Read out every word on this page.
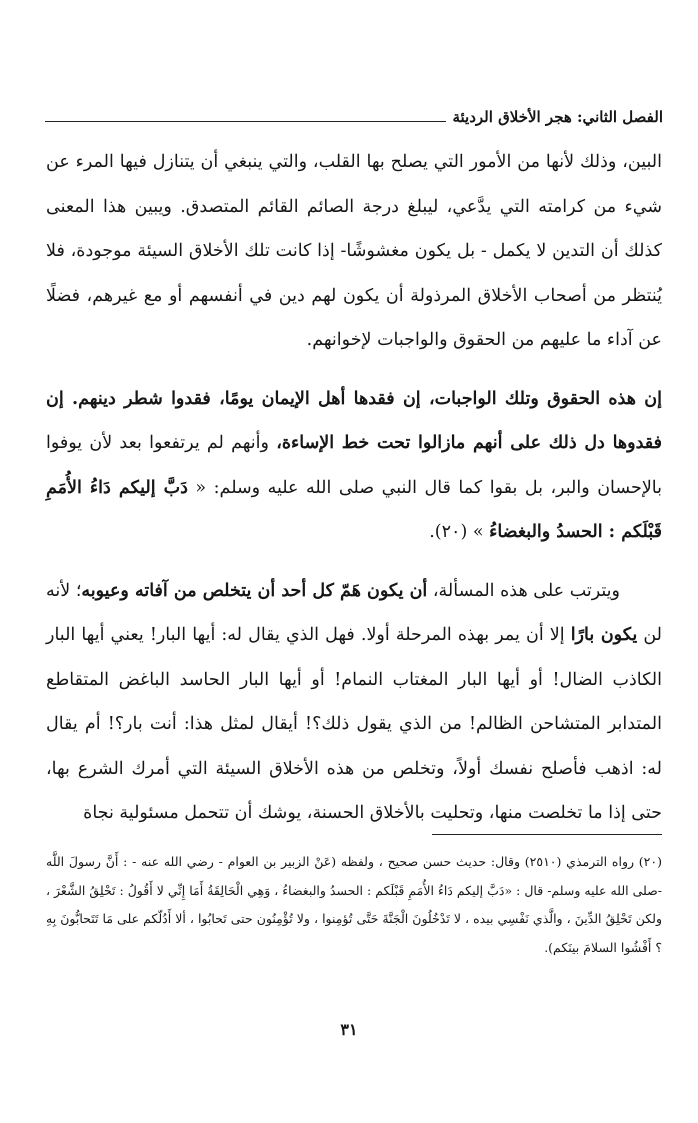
الفصل الثاني: هجر الأخلاق الرديئة

البين، وذلك لأنها من الأمور التي يصلح بها القلب، والتي ينبغي أن يتنازل فيها المرء عن شيء من كرامته التي يدَّعي، ليبلغ درجة الصائم القائم المتصدق. ويبين هذا المعنى كذلك أن التدين لا يكمل - بل يكون مغشوشًا- إذا كانت تلك الأخلاق السيئة موجودة، فلا يُنتظر من أصحاب الأخلاق المرذولة أن يكون لهم دين في أنفسهم أو مع غيرهم، فضلًا عن آداء ما عليهم من الحقوق والواجبات لإخوانهم.

إن هذه الحقوق وتلك الواجبات، إن فقدها أهل الإيمان يومًا، فقدوا شطر دينهم. إن فقدوها دل ذلك على أنهم مازالوا تحت خط الإساءة، وأنهم لم يرتفعوا بعد لأن يوفوا بالإحسان والبر، بل بقوا كما قال النبي صلى الله عليه وسلم: « دَبَّ إليكم دَاءُ الأُمَمِ قَبْلَكم : الحسدُ والبغضاءُ » (٢٠).

ويترتب على هذه المسألة، أن يكون هَمّ كل أحد أن يتخلص من آفاته وعيوبه؛ لأنه لن يكون بارًا إلا أن يمر بهذه المرحلة أولا. فهل الذي يقال له: أيها البار! يعني أيها البار الكاذب الضال! أو أيها البار المغتاب النمام! أو أيها البار الحاسد الباغض المتقاطع المتدابر المتشاحن الظالم! من الذي يقول ذلك؟! أيقال لمثل هذا: أنت بار؟! أم يقال له: اذهب فأصلح نفسك أولاً، وتخلص من هذه الأخلاق السيئة التي أمرك الشرع بها، حتى إذا ما تخلصت منها، وتحليت بالأخلاق الحسنة، يوشك أن تتحمل مسئولية نجاة

(٢٠) رواه الترمذي (٢٥١٠) وقال: حديث حسن صحيح ، ولفظه (عَنْ الزبير بن العوام - رضي الله عنه - : أَنَّ رسولَ اللَّه -صلى الله عليه وسلم- قال : «دَبَّ إليكم دَاءُ الأُمَمِ قَبْلَكم : الحسدُ والبغضاءُ ، وَهِي الْحَالِقَةُ أَمَا إِنِّي لا أَقُولُ : تَحْلِقُ الشَّعْرَ ، ولكن تَحْلِقُ الدِّينَ ، والَّذي نَفْسِي بيده ، لا تَدْخُلُونَ الْجَنَّةَ حَتَّى تُؤمِنوا ، ولا تُؤْمِنُون حتى تَحابُوا ، ألا أَدُلّكم على مَا تَتَحابُّونَ بِهِ ؟ أَفْشُوا السلامَ بينَكم).

٣١
